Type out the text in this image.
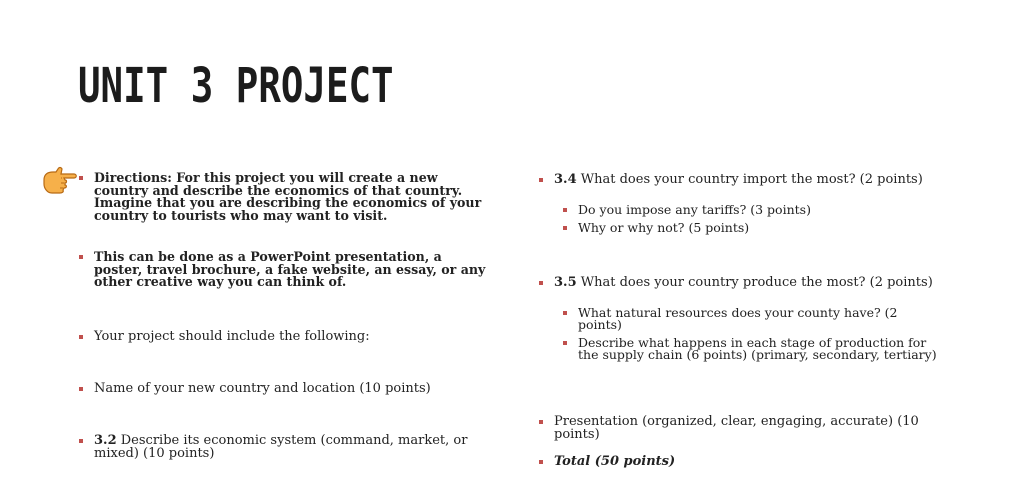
UNIT 3 PROJECT
Directions: For this project you will create a new country and describe the economics of that country. Imagine that you are describing the economics of your country to tourists who may want to visit.
This can be done as a PowerPoint presentation, a poster, travel brochure, a fake website, an essay, or any other creative way you can think of.
Your project should include the following:
Name of your new country and location (10 points)
3.2 Describe its economic system (command, market, or mixed) (10 points)
3.4 What does your country import the most? (2 points)
Do you impose any tariffs? (3 points)
Why or why not? (5 points)
3.5 What does your country produce the most? (2 points)
What natural resources does your county have? (2 points)
Describe what happens in each stage of production for the supply chain (6 points) (primary, secondary, tertiary)
Presentation (organized, clear, engaging, accurate) (10 points)
Total (50 points)
